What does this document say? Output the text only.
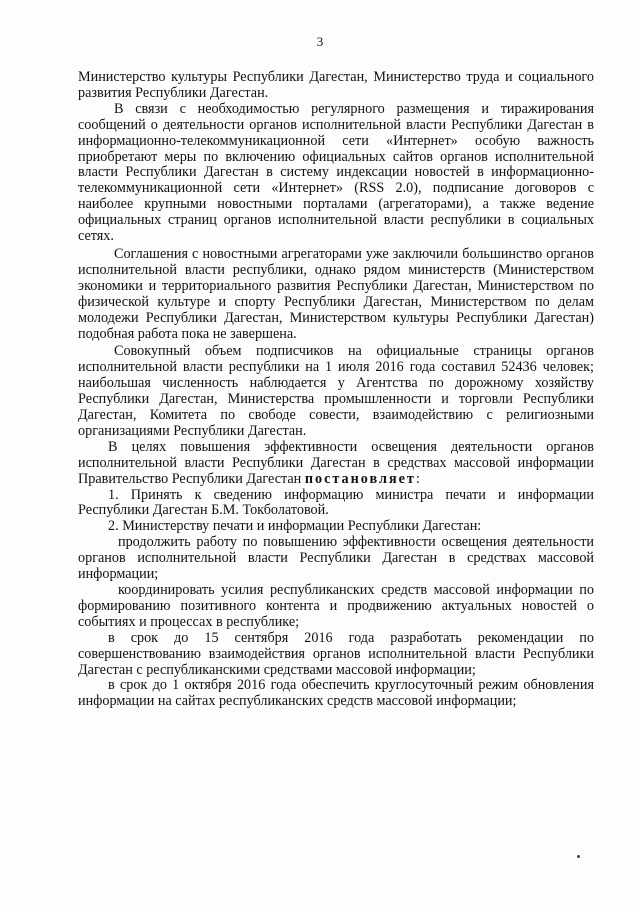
3

Министерство культуры Республики Дагестан, Министерство труда и социального развития Республики Дагестан.

В связи с необходимостью регулярного размещения и тиражирования сообщений о деятельности органов исполнительной власти Республики Дагестан в информационно-телекоммуникационной сети «Интернет» особую важность приобретают меры по включению официальных сайтов органов исполнительной власти Республики Дагестан в систему индексации новостей в информационно-телекоммуникационной сети «Интернет» (RSS 2.0), подписание договоров с наиболее крупными новостными порталами (агрегаторами), а также ведение официальных страниц органов исполнительной власти республики в социальных сетях.

Соглашения с новостными агрегаторами уже заключили большинство органов исполнительной власти республики, однако рядом министерств (Министерством экономики и территориального развития Республики Дагестан, Министерством по физической культуре и спорту Республики Дагестан, Министерством по делам молодежи Республики Дагестан, Министерством культуры Республики Дагестан) подобная работа пока не завершена.

Совокупный объем подписчиков на официальные страницы органов исполнительной власти республики на 1 июля 2016 года составил 52436 человек; наибольшая численность наблюдается у Агентства по дорожному хозяйству Республики Дагестан, Министерства промышленности и торговли Республики Дагестан, Комитета по свободе совести, взаимодействию с религиозными организациями Республики Дагестан.

В целях повышения эффективности освещения деятельности органов исполнительной власти Республики Дагестан в средствах массовой информации Правительство Республики Дагестан постановляет:

1. Принять к сведению информацию министра печати и информации Республики Дагестан Б.М. Токболатовой.

2. Министерству печати и информации Республики Дагестан:

продолжить работу по повышению эффективности освещения деятельности органов исполнительной власти Республики Дагестан в средствах массовой информации;

координировать усилия республиканских средств массовой информации по формированию позитивного контента и продвижению актуальных новостей о событиях и процессах в республике;

в срок до 15 сентября 2016 года разработать рекомендации по совершенствованию взаимодействия органов исполнительной власти Республики Дагестан с республиканскими средствами массовой информации;

в срок до 1 октября 2016 года обеспечить круглосуточный режим обновления информации на сайтах республиканских средств массовой информации;
